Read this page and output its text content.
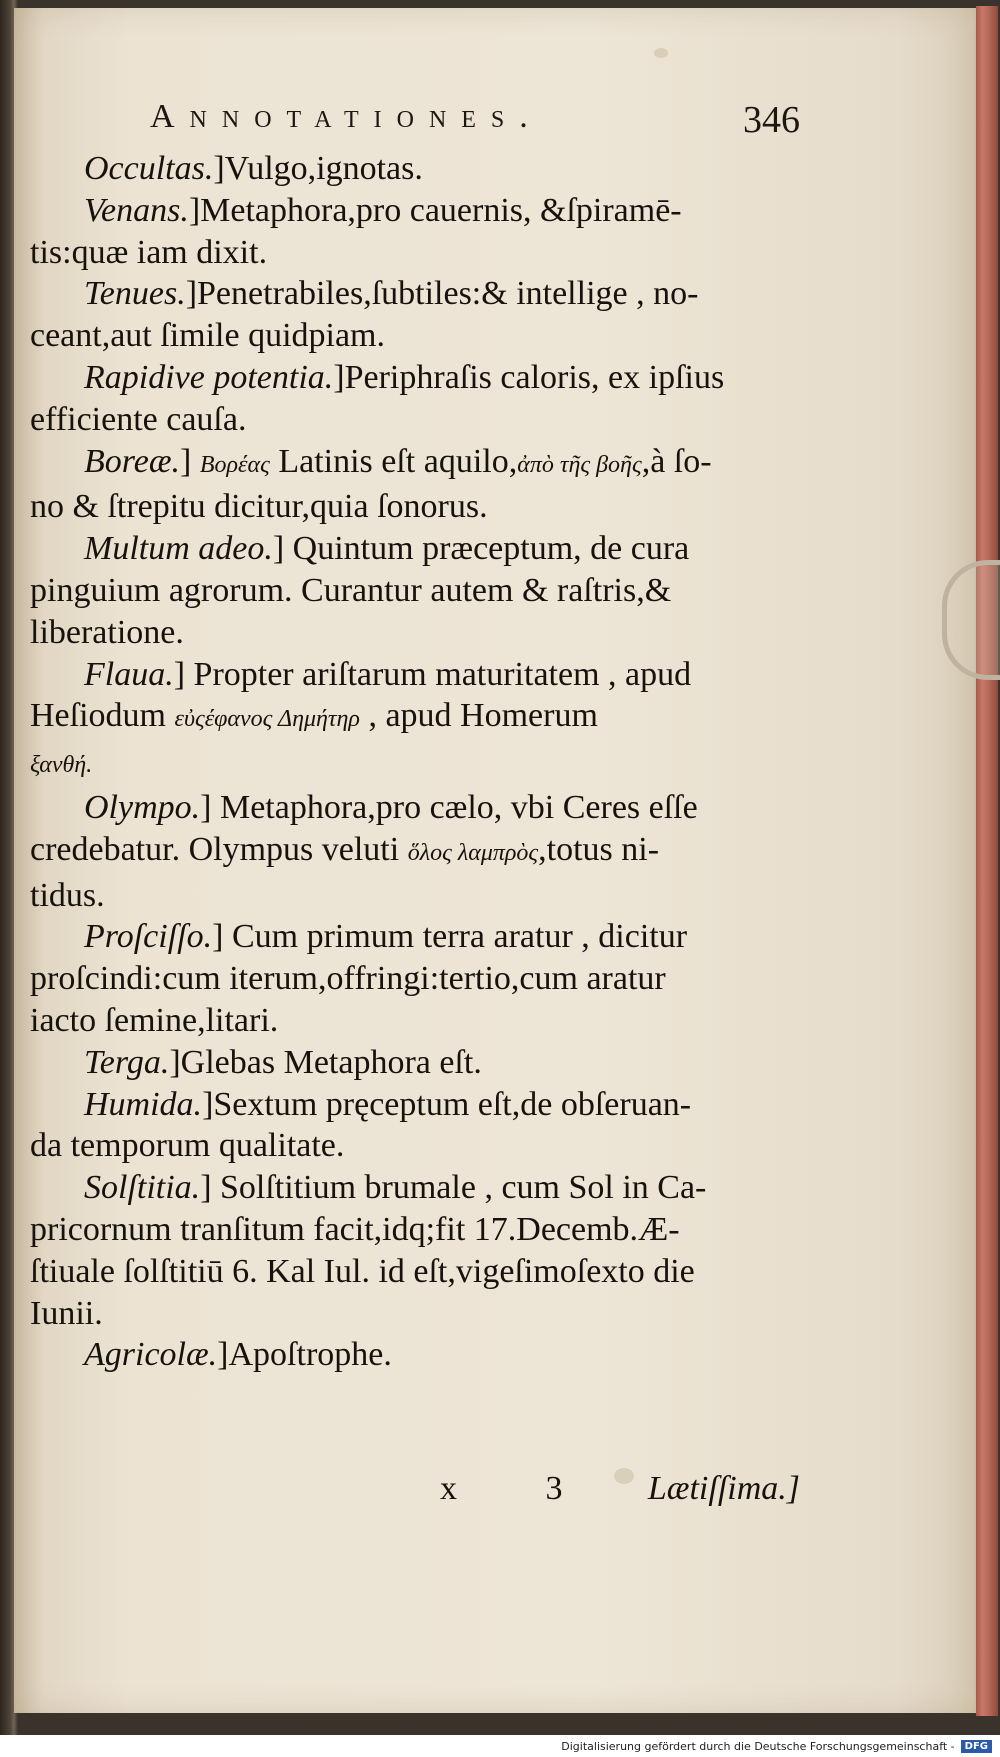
Annotationes.	346
Occultas.]Vulgo,ignotas.
Venans.]Metaphora,pro cauernis, &ſpiramē-
tis:quæ iam dixit.
Tenues.]Penetrabiles,ſubtiles:& intellige , no-
ceant,aut ſimile quidpiam.
Rapidive potentia.]Periphraſis caloris, ex ipſius
efficiente cauſa.
Boreæ.] Βορέας Latinis eſt aquilo,ἀπὸ τῆς βοῆς,à ſo-
no & ſtrepitu dicitur,quia ſonorus.
Multum adeo.] Quintum præceptum, de cura
pinguium agrorum. Curantur autem & raſtris,&
liberatione.
Flaua.] Propter ariſtarum maturitatem , apud
Heſiodum εὐςέφανος Δημήτηρ , apud Homerum
ξανθή.
Olympo.] Metaphora,pro cælo, vbi Ceres eſſe
credebatur. Olympus veluti ὅλος λαμπρὸς,totus ni-
tidus.
Proſciſſo.] Cum primum terra aratur , dicitur
proſcindi:cum iterum,offringi:tertio,cum aratur
iacto ſemine,litari.
Terga.]Glebas Metaphora eſt.
Humida.]Sextum pręceptum eſt,de obſeruan-
da temporum qualitate.
Solſtitia.] Solſtitium brumale , cum Sol in Ca-
pricornum tranſitum facit,idq;fit 17.Decemb.Æ-
ſtiuale ſolſtitiū 6. Kal Iul. id eſt,vigeſimoſexto die
Iunii.
Agricolæ.]Apoſtrophe.
x 3 Lætiſſima.]
Digitalisierung gefördert durch die Deutsche Forschungsgemeinschaft -	DFG
